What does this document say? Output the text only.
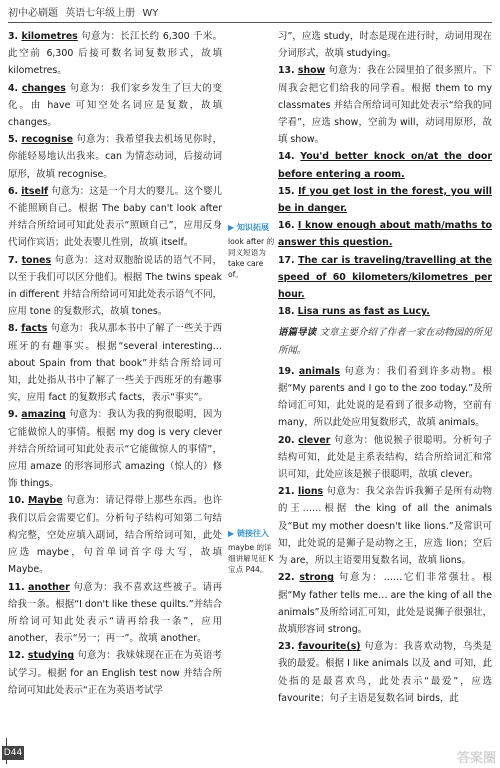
初中必刷题 英语七年级上册 WY
3. kilometres 句意为：长江长约 6,300 千米。此空前 6,300 后接可数名词复数形式，故填 kilometres。
4. changes 句意为：我们家乡发生了巨大的变化。由 have 可知空处名词应是复数，故填 changes。
5. recognise 句意为：我希望我去机场见你时，你能轻易地认出我来。can 为情态动词，后接动词原形，故填 recognise。
6. itself 句意为：这是一个月大的婴儿。这个婴儿不能照顾自己。根据 The baby can't look after 并结合所给词可知此处表示“照顾自己”，应用反身代词作宾语；此处表婴儿性别，故填 itself。
7. tones 句意为：这对双胞胎说话的语气不同，以至于我们可以区分他们。根据 The twins speak in different 并结合所给词可知此处表示语气不同，应用 tone 的复数形式，故填 tones。
8. facts 句意为：我从那本书中了解了一些关于西班牙的有趣事实。根据“several interesting… about Spain from that book”并结合所给词可知，此处指从书中了解了一些关于西班牙的有趣事实，应用 fact 的复数形式 facts，表示“事实”。
9. amazing 句意为：我认为我的狗很聪明，因为它能做惊人的事情。根据 my dog is very clever 并结合所给词可知此处表示“它能做惊人的事情”，应用 amaze 的形容词形式 amazing（惊人的）修饰 things。
10. Maybe 句意为：请记得带上那些东西。也许我们以后会需要它们。分析句子结构可知第二句结构完整，空处应填入副词，结合所给词可知，此处应选 maybe，句首单词首字母大写，故填 Maybe。
11. another 句意为：我不喜欢这些被子。请再给我一条。根据“I don't like these quilts.”并结合所给词可知此处表示“请再给我一条”，应用 another，表示“另一；再一”。故填 another。
12. studying 句意为：我妹妹现在正在为英语考试学习。根据 for an English test now 并结合所给词可知此处表示“正在为英语考试学
▶ 知识拓展
look after 的同义短语为 take care of。
▶ 链接往入
maybe 的详细讲解见征 K 宝点 P44。
习”，应选 study，时态是现在进行时，动词用现在分词形式，故填 studying。
13. show 句意为：我在公园里拍了很多照片。下周我会把它们给我的同学看。根据 them to my classmates 并结合所给词可知此处表示“给我的同学看”，应选 show，空前为 will，动词用原形，故填 show。
14. You'd better knock on/at the door before entering a room.
15. If you get lost in the forest, you will be in danger.
16. I know enough about math/maths to answer this question.
17. The car is traveling/travelling at the speed of 60 kilometers/kilometres per hour.
18. Lisa runs as fast as Lucy.
语篇导读 文章主要介绍了作者一家在动物园的所见所闻。
19. animals 句意为：我们看到许多动物。根据“My parents and I go to the zoo today.”及所给词汇可知，此处说的是看到了很多动物，空前有 many，所以此处应用复数形式，故填 animals。
20. clever 句意为：他说猴子很聪明。分析句子结构可知，此处是主系表结构，结合所给词汇和常识可知，此处应该是猴子很聪明，故填 clever。
21. lions 句意为：我父亲告诉我狮子是所有动物的王……根据 the king of all the animals 及“But my mother doesn't like lions.”及常识可知，此处说的是狮子是动物之王，应选 lion；空后为 are，所以主语要用复数名词，故填 lions。
22. strong 句意为：……它们非常强壮。根据“My father tells me… are the king of all the animals”及所给词汇可知，此处是说狮子很强壮，故填形容词 strong。
23. favourite(s) 句意为：我喜欢动物，乌类是我的最爱。根据 I like animals 以及 and 可知，此处指的是最喜欢鸟，此处表示“最爱”，应选 favourite；句子主语是复数名词 birds，此
D44	答案圈
